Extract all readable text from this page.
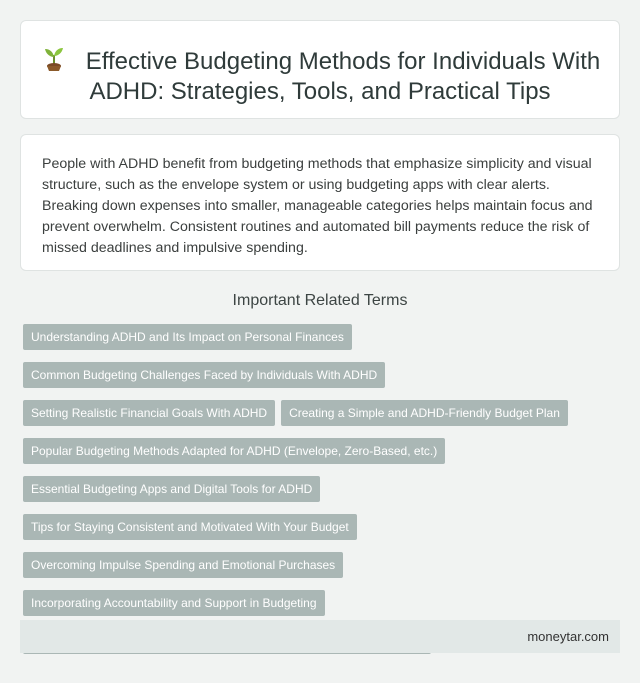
Effective Budgeting Methods for Individuals With ADHD: Strategies, Tools, and Practical Tips

People with ADHD benefit from budgeting methods that emphasize simplicity and visual structure, such as the envelope system or using budgeting apps with clear alerts. Breaking down expenses into smaller, manageable categories helps maintain focus and prevent overwhelm. Consistent routines and automated bill payments reduce the risk of missed deadlines and impulsive spending.

Important Related Terms
Understanding ADHD and Its Impact on Personal Finances
Common Budgeting Challenges Faced by Individuals With ADHD
Setting Realistic Financial Goals With ADHD	Creating a Simple and ADHD-Friendly Budget Plan
Popular Budgeting Methods Adapted for ADHD (Envelope, Zero-Based, etc.)
Essential Budgeting Apps and Digital Tools for ADHD
Tips for Staying Consistent and Motivated With Your Budget
Overcoming Impulse Spending and Emotional Purchases
Incorporating Accountability and Support in Budgeting
moneytar.com
